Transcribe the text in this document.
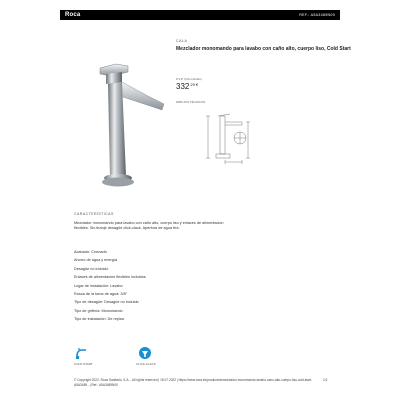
Roca	REF.: A5A3489N00
CALA
Mezclador monomando para lavabo con caño alto, cuerpo liso, Cold Start
P.V.P. (IVA incluido)
$332^{29 €}$
DIBUJOS TÉCNICOS
CARACTERÍSTICAS
Mezclador monomando para lavabo con caño alto, cuerpo liso y enlaces de alimentación flexibles. Sin tiranje desagüe click-clack. Apertura de agua fría.
Acabado: Cromado
Ahorro de agua y energía
Desagüe no incluido
Enlaces de alimentación flexibles incluidos
Lugar de instalación: Lavabo
Rosca de la toma de agua: 3/8"
Tipo de desagüe: Desagüe no incluido
Tipo de grifería: Monomando
Tipo de instalación: De repisa
COLD START	CLICK-CLACK
© Copyright 2022, Roca Sanitario, S.A. - All rights reserved | 15.07.2022 | https://www.roca.es/productos/mezclador-monomando-lavabo-cano-alto-cuerpo-liso-cold-start-A5A3489...| Ref.: A5A3489N00
1/2
